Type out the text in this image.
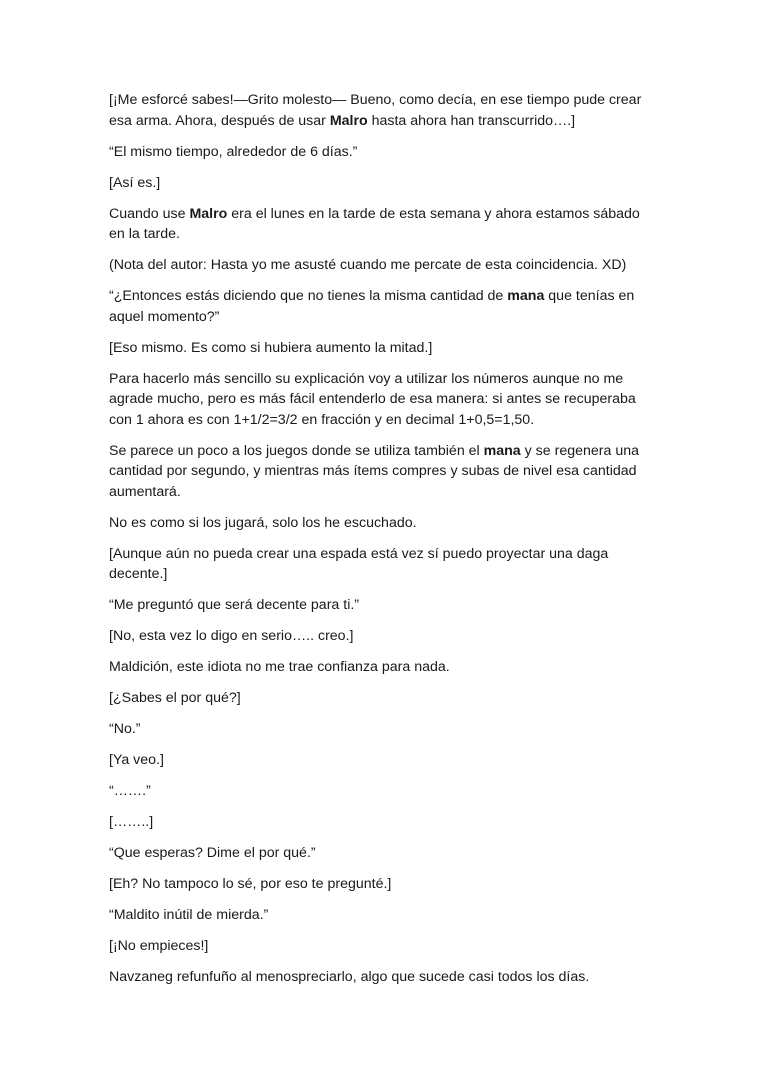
[¡Me esforcé sabes!—Grito molesto— Bueno, como decía, en ese tiempo pude crear esa arma. Ahora, después de usar Malro hasta ahora han transcurrido….]

“El mismo tiempo, alrededor de 6 días.”

[Así es.]

Cuando use Malro era el lunes en la tarde de esta semana y ahora estamos sábado en la tarde.

(Nota del autor: Hasta yo me asusté cuando me percate de esta coincidencia. XD)

“¿Entonces estás diciendo que no tienes la misma cantidad de mana que tenías en aquel momento?”

[Eso mismo. Es como si hubiera aumento la mitad.]

Para hacerlo más sencillo su explicación voy a utilizar los números aunque no me agrade mucho, pero es más fácil entenderlo de esa manera: si antes se recuperaba con 1 ahora es con 1+1/2=3/2 en fracción y en decimal 1+0,5=1,50.

Se parece un poco a los juegos donde se utiliza también el mana y se regenera una cantidad por segundo, y mientras más ítems compres y subas de nivel esa cantidad aumentará.

No es como si los jugará, solo los he escuchado.

[Aunque aún no pueda crear una espada está vez sí puedo proyectar una daga decente.]

“Me preguntó que será decente para ti.”

[No, esta vez lo digo en serio….. creo.]

Maldición, este idiota no me trae confianza para nada.

[¿Sabes el por qué?]

“No.”

[Ya veo.]

“…….”

[……..]

“Que esperas? Dime el por qué.”

[Eh? No tampoco lo sé, por eso te pregunté.]

“Maldito inútil de mierda.”

[¡No empieces!]

Navzaneg refunfuño al menospreciarlo, algo que sucede casi todos los días.
